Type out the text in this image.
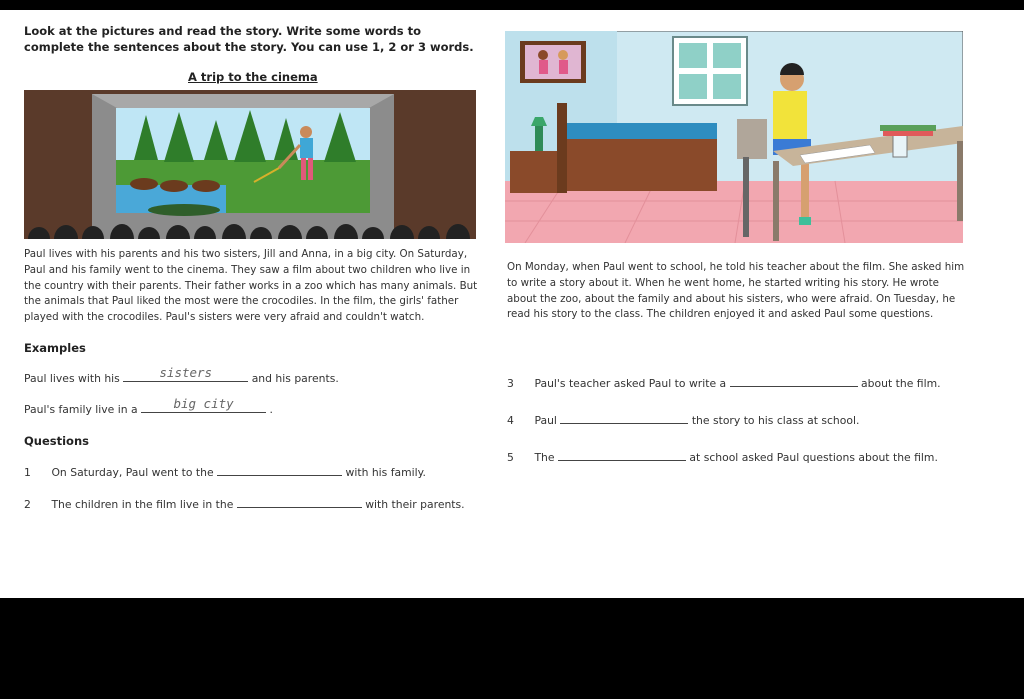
Look at the pictures and read the story. Write some words to complete the sentences about the story. You can use 1, 2 or 3 words.
A trip to the cinema
Paul lives with his parents and his two sisters, Jill and Anna, in a big city. On Saturday, Paul and his family went to the cinema. They saw a film about two children who live in the country with their parents. Their father works in a zoo which has many animals. But the animals that Paul liked the most were the crocodiles. In the film, the girls' father played with the crocodiles. Paul's sisters were very afraid and couldn't watch.
On Monday, when Paul went to school, he told his teacher about the film. She asked him to write a story about it. When he went home, he started writing his story. He wrote about the zoo, about the family and about his sisters, who were afraid. On Tuesday, he read his story to the class. The children enjoyed it and asked Paul some questions.
Examples
Paul lives with his	sisters	and his parents.
Paul's family live in a	big city	.
Questions
1 On Saturday, Paul went to the	with his family.
2 The children in the film live in the	with their parents.
3 Paul's teacher asked Paul to write a	about the film.
4 Paul	the story to his class at school.
5 The	at school asked Paul questions about the film.
